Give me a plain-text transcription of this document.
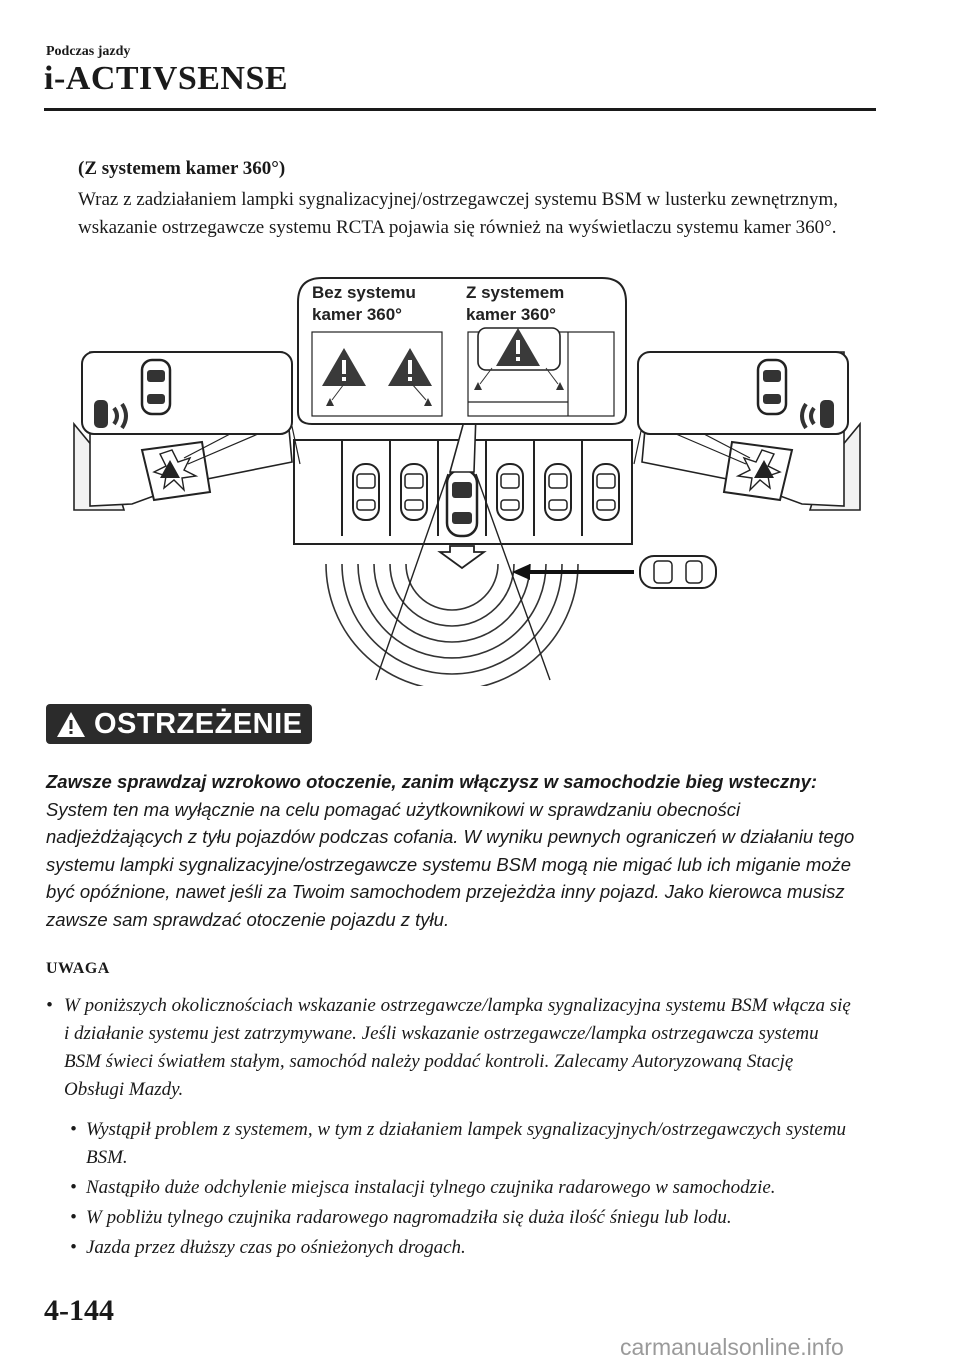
Podczas jazdy
i-ACTIVSENSE
(Z systemem kamer 360°)
Wraz z zadziałaniem lampki sygnalizacyjnej/ostrzegawczej systemu BSM w lusterku zewnętrznym, wskazanie ostrzegawcze systemu RCTA pojawia się również na wyświetlaczu systemu kamer 360°.
Bez systemu
kamer 360°
Z systemem
kamer 360°
OSTRZEŻENIE
Zawsze sprawdzaj wzrokowo otoczenie, zanim włączysz w samochodzie bieg wsteczny:
System ten ma wyłącznie na celu pomagać użytkownikowi w sprawdzaniu obecności nadjeżdżających z tyłu pojazdów podczas cofania. W wyniku pewnych ograniczeń w działaniu tego systemu lampki sygnalizacyjne/ostrzegawcze systemu BSM mogą nie migać lub ich miganie może być opóźnione, nawet jeśli za Twoim samochodem przejeżdża inny pojazd. Jako kierowca musisz zawsze sam sprawdzać otoczenie pojazdu z tyłu.
UWAGA
• W poniższych okolicznościach wskazanie ostrzegawcze/lampka sygnalizacyjna systemu BSM włącza się i działanie systemu jest zatrzymywane. Jeśli wskazanie ostrzegawcze/lampka ostrzegawcza systemu BSM świeci światłem stałym, samochód należy poddać kontroli. Zalecamy Autoryzowaną Stację Obsługi Mazdy.
• Wystąpił problem z systemem, w tym z działaniem lampek sygnalizacyjnych/ostrzegawczych systemu BSM.
• Nastąpiło duże odchylenie miejsca instalacji tylnego czujnika radarowego w samochodzie.
• W pobliżu tylnego czujnika radarowego nagromadziła się duża ilość śniegu lub lodu.
• Jazda przez dłuższy czas po ośnieżonych drogach.
4-144
carmanualsonline.info
